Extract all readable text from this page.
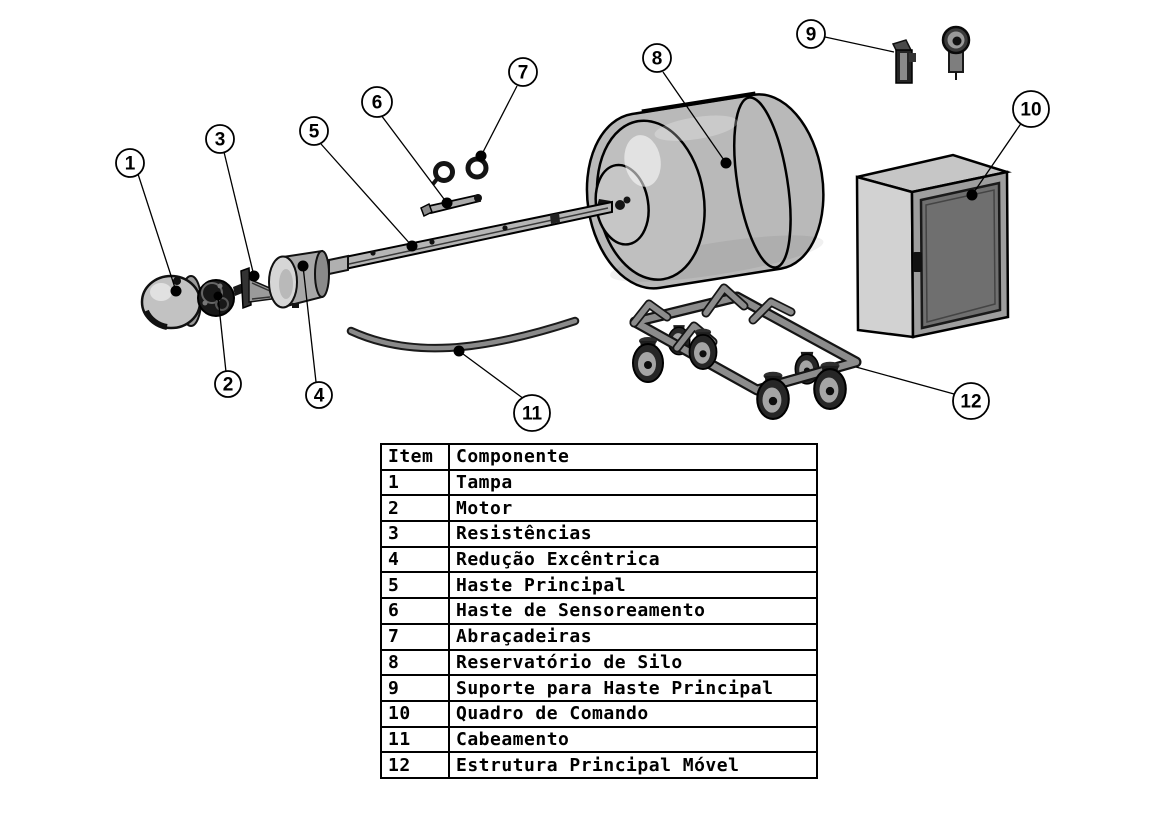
1
2
3
4
5
6
7
8
9
10
11
12
Item	Componente
1	Tampa
2	Motor
3	Resistências
4	Redução Excêntrica
5	Haste Principal
6	Haste de Sensoreamento
7	Abraçadeiras
8	Reservatório de Silo
9	Suporte para Haste Principal
10	Quadro de Comando
11	Cabeamento
12	Estrutura Principal Móvel
